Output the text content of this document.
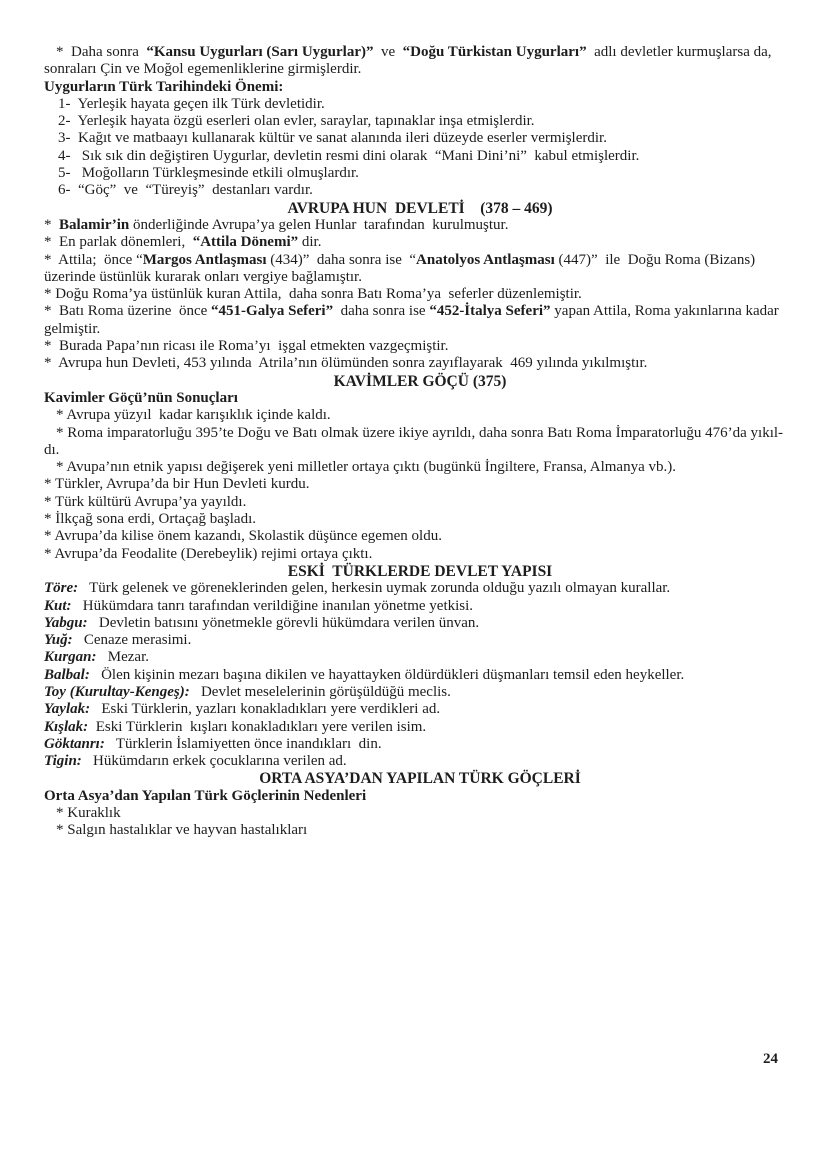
*  Daha sonra  “Kansu Uygurları (Sarı Uygurlar)”  ve  “Doğu Türkistan Uygurları”  adlı devletler kurmuşlarsa da, sonraları Çin ve Moğol egemenliklerine girmişlerdir.

Uygurların Türk Tarihindeki Önemi:

1-  Yerleşik hayata geçen ilk Türk devletidir.

2-  Yerleşik hayata özgü eserleri olan evler, saraylar, tapınaklar inşa etmişlerdir.

3-  Kağıt ve matbaayı kullanarak kültür ve sanat alanında ileri düzeyde eserler vermişlerdir.

4-   Sık sık din değiştiren Uygurlar, devletin resmi dini olarak  “Mani Dini’ni”  kabul etmişlerdir.

5-   Moğolların Türkleşmesinde etkili olmuşlardır.

6-  “Göç”  ve  “Türeyiş”  destanları vardır.

AVRUPA HUN  DEVLETİ    (378 – 469)

*  Balamir’in önderliğinde Avrupa’ya gelen Hunlar  tarafından  kurulmuştur.

*  En parlak dönemleri,  “Attila Dönemi” dir.

*  Attila;  önce “Margos Antlaşması (434)”  daha sonra ise  “Anatolyos Antlaşması (447)”  ile  Doğu Roma (Bizans) üzerinde üstünlük kurarak onları vergiye bağlamıştır.

* Doğu Roma’ya üstünlük kuran Attila,  daha sonra Batı Roma’ya  seferler düzenlemiştir.

*  Batı Roma üzerine  önce “451-Galya Seferi”  daha sonra ise “452-İtalya Seferi” yapan Attila, Roma yakınlarına kadar gelmiştir.

*  Burada Papa’nın ricası ile Roma’yı  işgal etmekten vazgeçmiştir.

*  Avrupa hun Devleti, 453 yılında  Atrila’nın ölümünden sonra zayıflayarak  469 yılında yıkılmıştır.

KAVİMLER GÖÇÜ (375)

Kavimler Göçü’nün Sonuçları

* Avrupa yüzyıl  kadar karışıklık içinde kaldı.

* Roma imparatorluğu 395’te Doğu ve Batı olmak üzere ikiye ayrıldı, daha sonra Batı Roma İmparatorluğu 476’da yıkıl-

dı.

* Avupa’nın etnik yapısı değişerek yeni milletler ortaya çıktı (bugünkü İngiltere, Fransa, Almanya vb.).

* Türkler, Avrupa’da bir Hun Devleti kurdu.

* Türk kültürü Avrupa’ya yayıldı.

* İlkçağ sona erdi, Ortaçağ başladı.

* Avrupa’da kilise önem kazandı, Skolastik düşünce egemen oldu.

* Avrupa’da Feodalite (Derebeylik) rejimi ortaya çıktı.

ESKİ  TÜRKLERDE DEVLET YAPISI

Töre:   Türk gelenek ve göreneklerinden gelen, herkesin uymak zorunda olduğu yazılı olmayan kurallar.

Kut:   Hükümdara tanrı tarafından verildiğine inanılan yönetme yetkisi.

Yabgu:   Devletin batısını yönetmekle görevli hükümdara verilen ünvan.

Yuğ:   Cenaze merasimi.

Kurgan:   Mezar.

Balbal:   Ölen kişinin mezarı başına dikilen ve hayattayken öldürdükleri düşmanları temsil eden heykeller.

Toy (Kurultay-Kengeş):   Devlet meselelerinin görüşüldüğü meclis.

Yaylak:   Eski Türklerin, yazları konakladıkları yere verdikleri ad.

Kışlak:  Eski Türklerin  kışları konakladıkları yere verilen isim.

Göktanrı:   Türklerin İslamiyetten önce inandıkları  din.

Tigin:   Hükümdarın erkek çocuklarına verilen ad.

ORTA ASYA’DAN YAPILAN TÜRK GÖÇLERİ

Orta Asya’dan Yapılan Türk Göçlerinin Nedenleri

* Kuraklık

* Salgın hastalıklar ve hayvan hastalıkları

24
